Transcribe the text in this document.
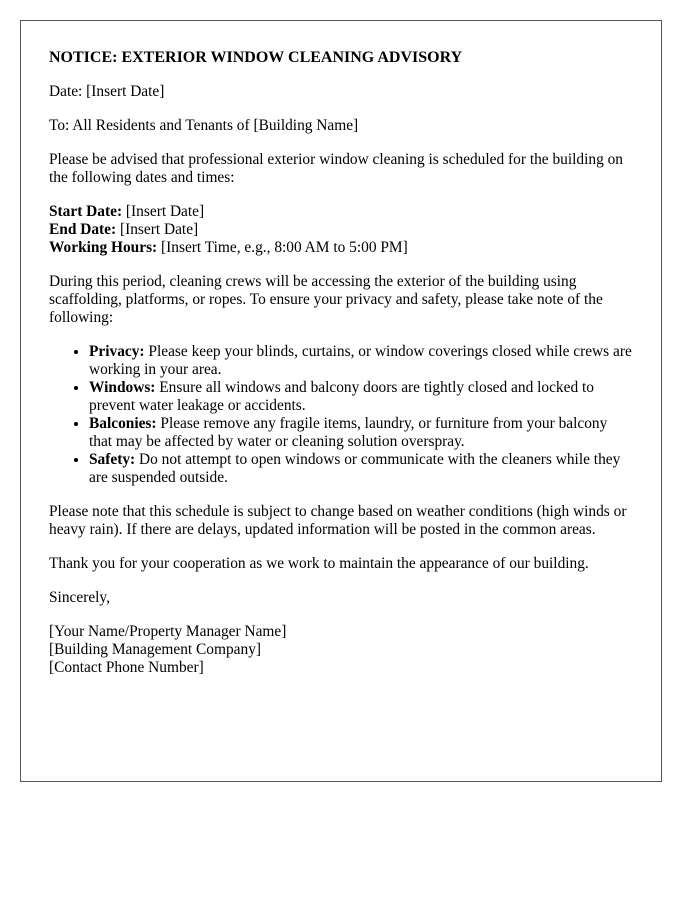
NOTICE: EXTERIOR WINDOW CLEANING ADVISORY

Date: [Insert Date]

To: All Residents and Tenants of [Building Name]

Please be advised that professional exterior window cleaning is scheduled for the building on the following dates and times:

Start Date: [Insert Date]
End Date: [Insert Date]
Working Hours: [Insert Time, e.g., 8:00 AM to 5:00 PM]

During this period, cleaning crews will be accessing the exterior of the building using scaffolding, platforms, or ropes. To ensure your privacy and safety, please take note of the following:

• Privacy: Please keep your blinds, curtains, or window coverings closed while crews are working in your area.
• Windows: Ensure all windows and balcony doors are tightly closed and locked to prevent water leakage or accidents.
• Balconies: Please remove any fragile items, laundry, or furniture from your balcony that may be affected by water or cleaning solution overspray.
• Safety: Do not attempt to open windows or communicate with the cleaners while they are suspended outside.

Please note that this schedule is subject to change based on weather conditions (high winds or heavy rain). If there are delays, updated information will be posted in the common areas.

Thank you for your cooperation as we work to maintain the appearance of our building.

Sincerely,

[Your Name/Property Manager Name]
[Building Management Company]
[Contact Phone Number]
